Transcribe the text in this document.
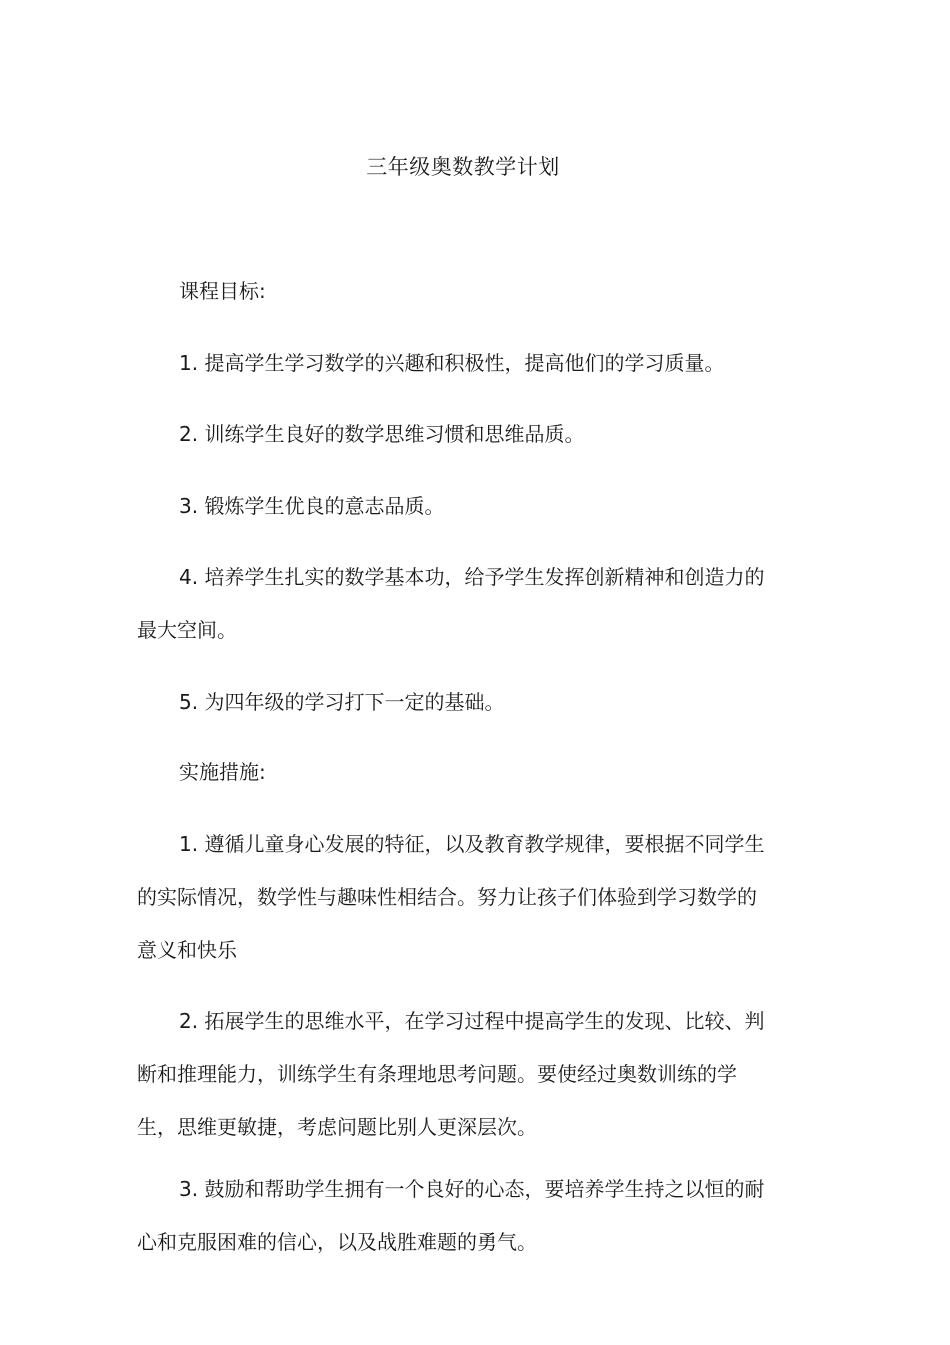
三年级奥数教学计划

课程目标:

1. 提高学生学习数学的兴趣和积极性，提高他们的学习质量。

2. 训练学生良好的数学思维习惯和思维品质。

3. 锻炼学生优良的意志品质。

4. 培养学生扎实的数学基本功，给予学生发挥创新精神和创造力的最大空间。

5. 为四年级的学习打下一定的基础。

实施措施:

1. 遵循儿童身心发展的特征，以及教育教学规律，要根据不同学生的实际情况，数学性与趣味性相结合。努力让孩子们体验到学习数学的意义和快乐

2. 拓展学生的思维水平，在学习过程中提高学生的发现、比较、判断和推理能力，训练学生有条理地思考问题。要使经过奥数训练的学生，思维更敏捷，考虑问题比别人更深层次。

3. 鼓励和帮助学生拥有一个良好的心态，要培养学生持之以恒的耐心和克服困难的信心，以及战胜难题的勇气。
